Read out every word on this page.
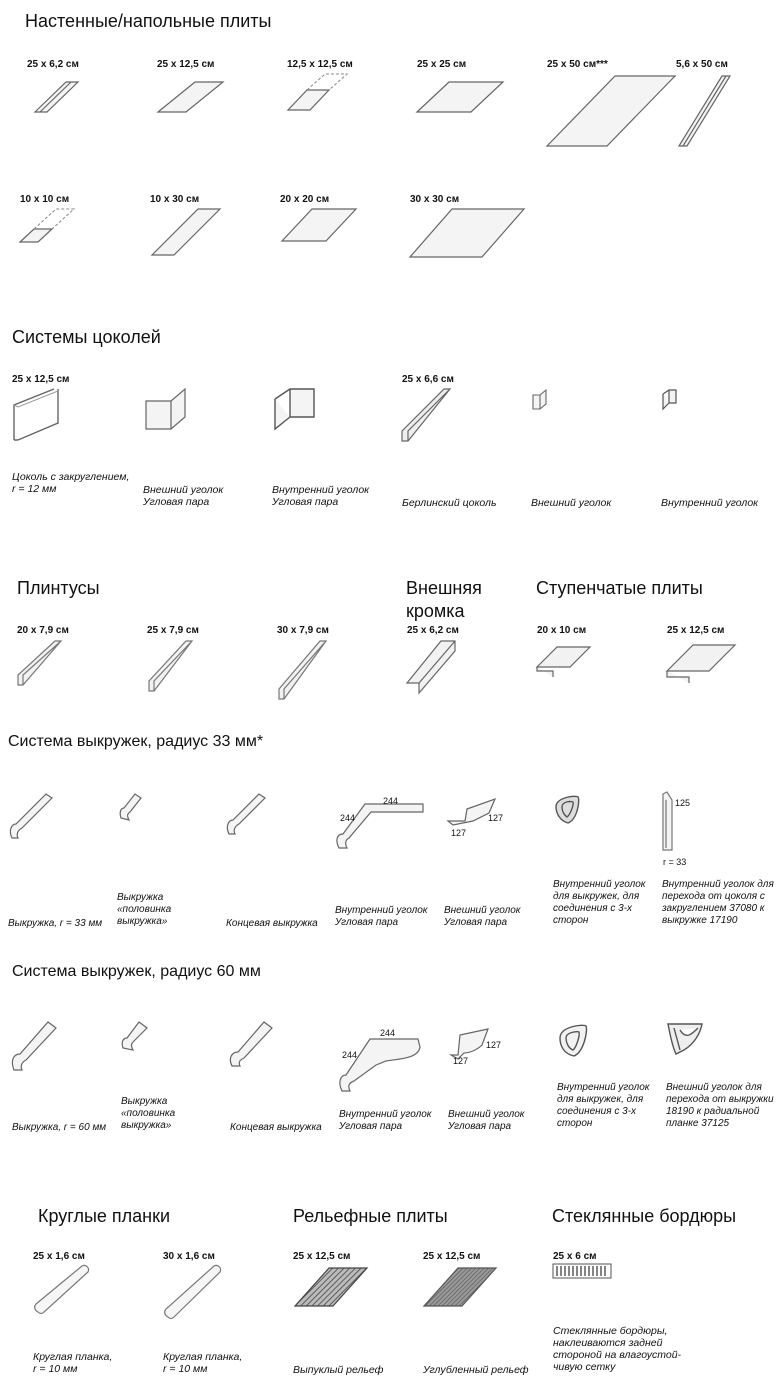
Настенные/напольные плиты
25 x 6,2 см	25 x 12,5 см	12,5 x 12,5 см	25 x 25 см	25 x 50 см***	5,6 x 50 см
10 x 10 см	10 x 30 см	20 x 20 см	30 x 30 см
Системы цоколей
25 x 12,5 см	25 x 6,6 см
Цоколь с закруглением,
r = 12 мм	Внешний уголок
Угловая пара
Внутренний уголок
Угловая пара	Берлинский цоколь	Внешний уголок	Внутренний уголок
Плинтусы	Внешняя
кромка
Ступенчатые плиты
20 x 7,9 см	25 x 7,9 см	30 x 7,9 см	25 x 6,2 см	20 x 10 см	25 x 12,5 см
Система выкружек, радиус 33 мм*
244
244	127
127
125
r = 33
Выкружка, r = 33 мм
Выкружка
«половинка
выкружка»	Концевая выкружка
Внутренний уголок
Угловая пара
Внешний уголок
Угловая пара
Внутренний уголок
для выкружек, для
соединения с 3-х
сторон
Внутренний уголок для
перехода от цоколя с
закруглением 37080 к
выкружке 17190
Система выкружек, радиус 60 мм
244
244
127
127
Выкружка, r = 60 мм
Выкружка
«половинка
выкружка»	Концевая выкружка
Внутренний уголок
Угловая пара
Внешний уголок
Угловая пара
Внутренний уголок
для выкружек, для
соединения с 3-х
сторон
Внешний уголок для
перехода от выкружки
18190 к радиальной
планке 37125
Круглые планки	Рельефные плиты	Стеклянные бордюры
25 x 1,6 см	30 x 1,6 см	25 x 12,5 см	25 x 12,5 см	25 x 6 см
Круглая планка,
r = 10 мм
Круглая планка,
r = 10 мм	Выпуклый рельеф	Углубленный рельеф
Стеклянные бордюры,
наклеиваются задней
стороной на влагоустой-
чивую сетку
